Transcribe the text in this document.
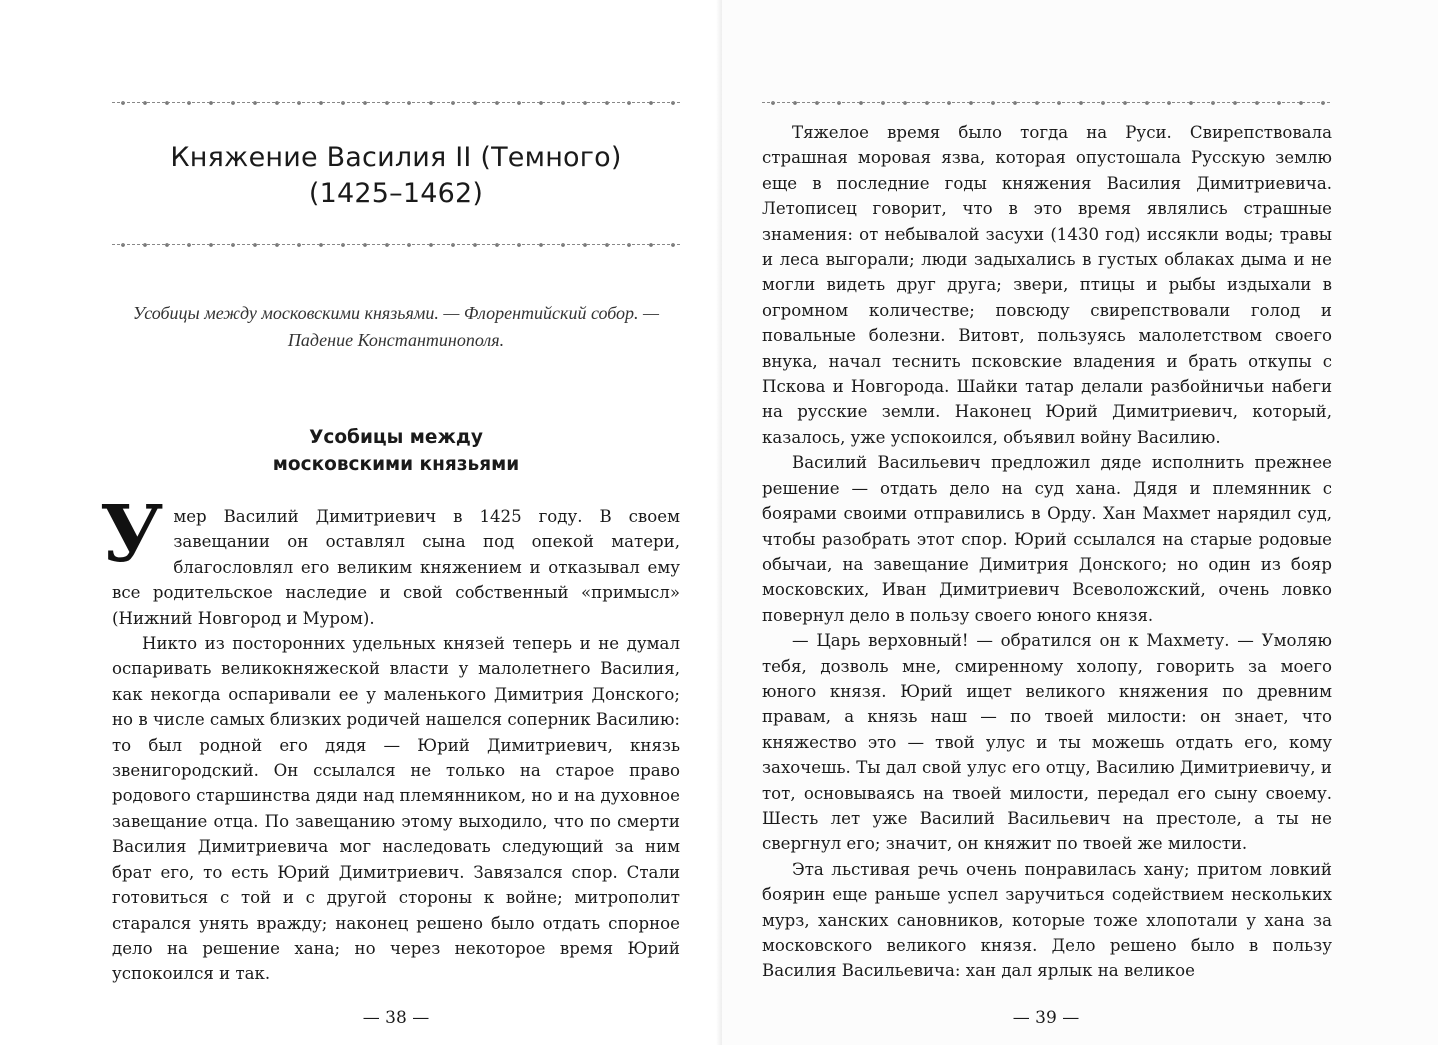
Княжение Василия II (Темного)
(1425–1462)

Усобицы между московскими князьями. — Флорентийский собор. — Падение Константинополя.

Усобицы между
московскими князьями

Умер Василий Димитриевич в 1425 году. В своем завещании он оставлял сына под опекой матери, благословлял его великим княжением и отказывал ему все родительское наследие и свой собственный «примысл» (Нижний Новгород и Муром).

Никто из посторонних удельных князей теперь и не думал оспаривать великокняжеской власти у малолетнего Василия, как некогда оспаривали ее у маленького Димитрия Донского; но в числе самых близких родичей нашелся соперник Василию: то был родной его дядя — Юрий Димитриевич, князь звенигородский. Он ссылался не только на старое право родового старшинства дяди над племянником, но и на духовное завещание отца. По завещанию этому выходило, что по смерти Василия Димитриевича мог наследовать следующий за ним брат его, то есть Юрий Димитриевич. Завязался спор. Стали готовиться с той и с другой стороны к войне; митрополит старался унять вражду; наконец решено было отдать спорное дело на решение хана; но через некоторое время Юрий успокоился и так.

— 38 —

Тяжелое время было тогда на Руси. Свирепствовала страшная моровая язва, которая опустошала Русскую землю еще в последние годы княжения Василия Димитриевича. Летописец говорит, что в это время являлись страшные знамения: от небывалой засухи (1430 год) иссякли воды; травы и леса выгорали; люди задыхались в густых облаках дыма и не могли видеть друг друга; звери, птицы и рыбы издыхали в огромном количестве; повсюду свирепствовали голод и повальные болезни. Витовт, пользуясь малолетством своего внука, начал теснить псковские владения и брать откупы с Пскова и Новгорода. Шайки татар делали разбойничьи набеги на русские земли. Наконец Юрий Димитриевич, который, казалось, уже успокоился, объявил войну Василию.

Василий Васильевич предложил дяде исполнить прежнее решение — отдать дело на суд хана. Дядя и племянник с боярами своими отправились в Орду. Хан Махмет нарядил суд, чтобы разобрать этот спор. Юрий ссылался на старые родовые обычаи, на завещание Димитрия Донского; но один из бояр московских, Иван Димитриевич Всеволожский, очень ловко повернул дело в пользу своего юного князя.

— Царь верховный! — обратился он к Махмету. — Умоляю тебя, дозволь мне, смиренному холопу, говорить за моего юного князя. Юрий ищет великого княжения по древним правам, а князь наш — по твоей милости: он знает, что княжество это — твой улус и ты можешь отдать его, кому захочешь. Ты дал свой улус его отцу, Василию Димитриевичу, и тот, основываясь на твоей милости, передал его сыну своему. Шесть лет уже Василий Васильевич на престоле, а ты не свергнул его; значит, он княжит по твоей же милости.

Эта льстивая речь очень понравилась хану; притом ловкий боярин еще раньше успел заручиться содействием нескольких мурз, ханских сановников, которые тоже хлопотали у хана за московского великого князя. Дело решено было в пользу Василия Васильевича: хан дал ярлык на великое

— 39 —
